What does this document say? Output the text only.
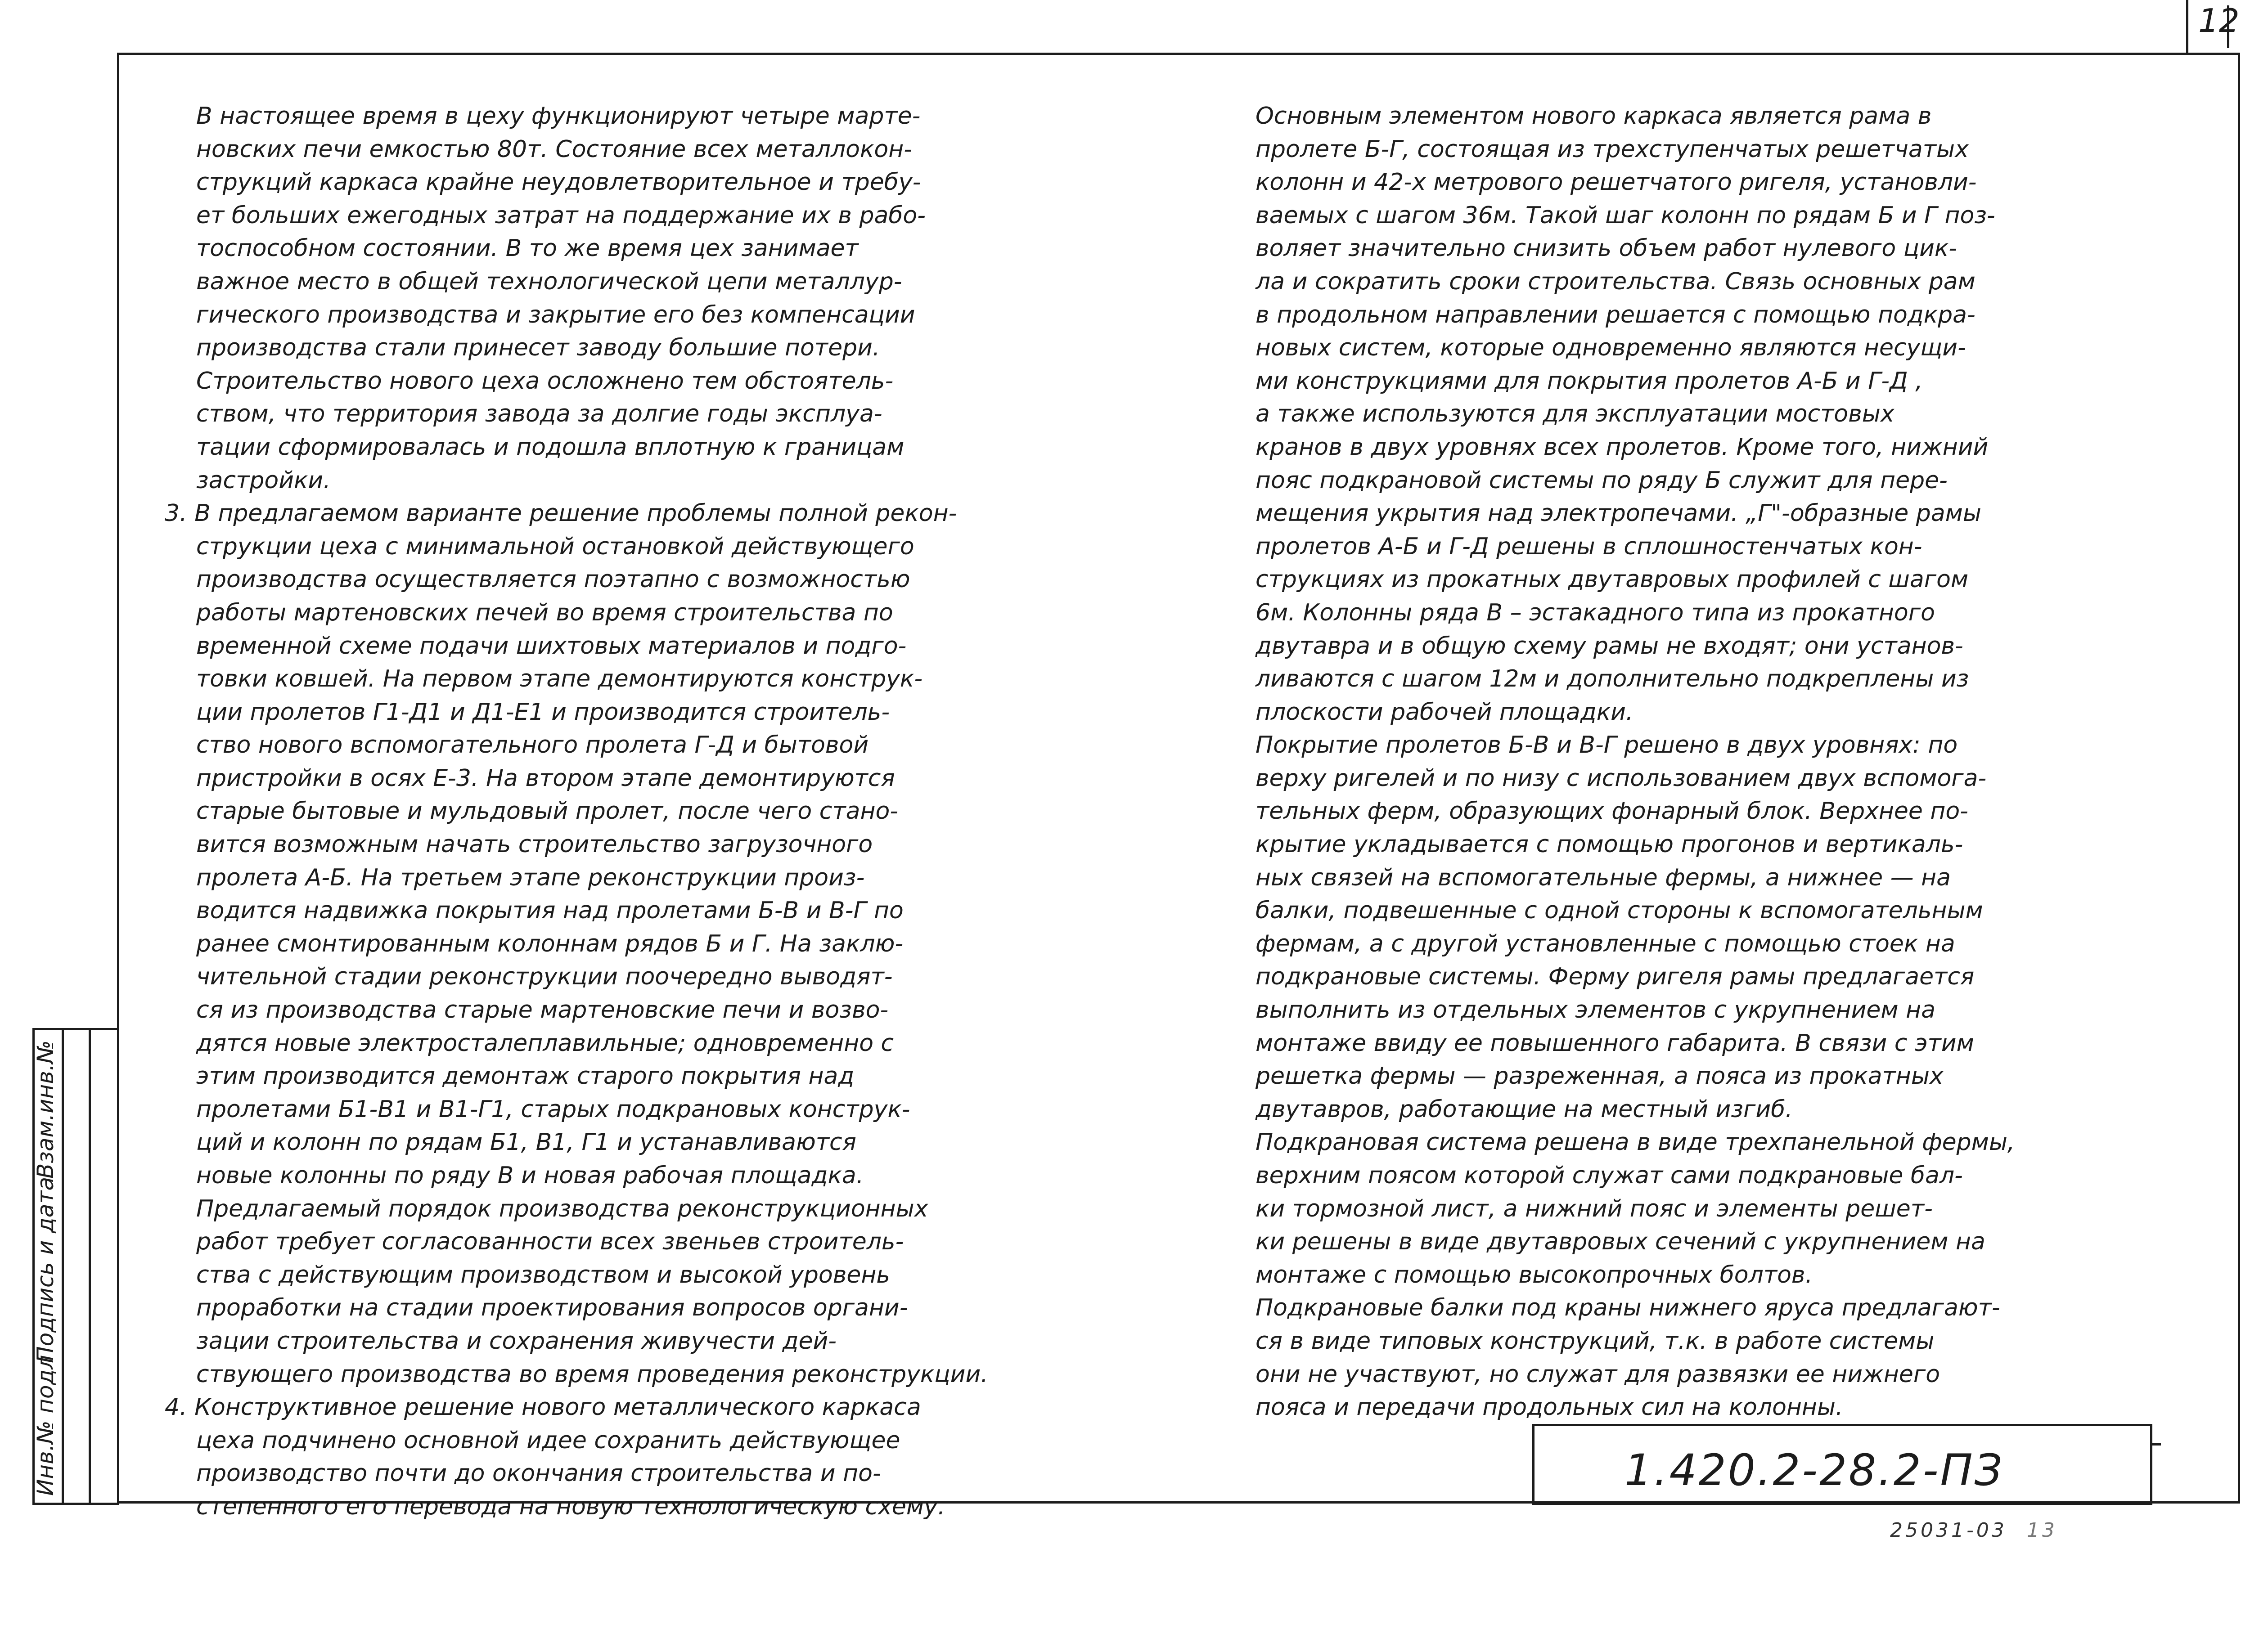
12
Инв.№ подл
Подпись и дата
Взам.инв.№
В настоящее время в цеху функционируют четыре марте-
новских печи емкостью 80т. Состояние всех металлокон-
струкций каркаса крайне неудовлетворительное и требу-
ет больших ежегодных затрат на поддержание их в рабо-
тоспособном состоянии. В то же время цех занимает
важное место в общей технологической цепи металлур-
гического производства и закрытие его без компенсации
производства стали принесет заводу большие потери.
Строительство нового цеха осложнено тем обстоятель-
ством, что территория завода за долгие годы эксплуа-
тации сформировалась и подошла вплотную к границам
застройки.
3. В предлагаемом варианте решение проблемы полной рекон-
струкции цеха с минимальной остановкой действующего
производства осуществляется поэтапно с возможностью
работы мартеновских печей во время строительства по
временной схеме подачи шихтовых материалов и подго-
товки ковшей. На первом этапе демонтируются конструк-
ции пролетов Г1-Д1 и Д1-Е1 и производится строитель-
ство нового вспомогательного пролета Г-Д и бытовой
пристройки в осях Е-3. На втором этапе демонтируются
старые бытовые и мульдовый пролет, после чего стано-
вится возможным начать строительство загрузочного
пролета А-Б. На третьем этапе реконструкции произ-
водится надвижка покрытия над пролетами Б-В и В-Г по
ранее смонтированным колоннам рядов Б и Г. На заклю-
чительной стадии реконструкции поочередно выводят-
ся из производства старые мартеновские печи и возво-
дятся новые электросталеплавильные; одновременно с
этим производится демонтаж старого покрытия над
пролетами Б1-В1 и В1-Г1, старых подкрановых конструк-
ций и колонн по рядам Б1, В1, Г1 и устанавливаются
новые колонны по ряду В и новая рабочая площадка.
Предлагаемый порядок производства реконструкционных
работ требует согласованности всех звеньев строитель-
ства с действующим производством и высокой уровень
проработки на стадии проектирования вопросов органи-
зации строительства и сохранения живучести дей-
ствующего производства во время проведения реконструкции.
4. Конструктивное решение нового металлического каркаса
цеха подчинено основной идее сохранить действующее
производство почти до окончания строительства и по-
степенного его перевода на новую технологическую схему.
Основным элементом нового каркаса является рама в
пролете Б-Г, состоящая из трехступенчатых решетчатых
колонн и 42-х метрового решетчатого ригеля, установли-
ваемых с шагом 36м. Такой шаг колонн по рядам Б и Г поз-
воляет значительно снизить объем работ нулевого цик-
ла и сократить сроки строительства. Связь основных рам
в продольном направлении решается с помощью подкра-
новых систем, которые одновременно являются несущи-
ми конструкциями для покрытия пролетов А-Б и Г-Д ,
а также используются для эксплуатации мостовых
кранов в двух уровнях всех пролетов. Кроме того, нижний
пояс подкрановой системы по ряду Б служит для пере-
мещения укрытия над электропечами. „Г"-образные рамы
пролетов А-Б и Г-Д решены в сплошностенчатых кон-
струкциях из прокатных двутавровых профилей с шагом
6м. Колонны ряда В – эстакадного типа из прокатного
двутавра и в общую схему рамы не входят; они установ-
ливаются с шагом 12м и дополнительно подкреплены из
плоскости рабочей площадки.
Покрытие пролетов Б-В и В-Г решено в двух уровнях: по
верху ригелей и по низу с использованием двух вспомога-
тельных ферм, образующих фонарный блок. Верхнее по-
крытие укладывается с помощью прогонов и вертикаль-
ных связей на вспомогательные фермы, а нижнее — на
балки, подвешенные с одной стороны к вспомогательным
фермам, а с другой установленные с помощью стоек на
подкрановые системы. Ферму ригеля рамы предлагается
выполнить из отдельных элементов с укрупнением на
монтаже ввиду ее повышенного габарита. В связи с этим
решетка фермы — разреженная, а пояса из прокатных
двутавров, работающие на местный изгиб.
Подкрановая система решена в виде трехпанельной фермы,
верхним поясом которой служат сами подкрановые бал-
ки тормозной лист, а нижний пояс и элементы решет-
ки решены в виде двутавровых сечений с укрупнением на
монтаже с помощью высокопрочных болтов.
Подкрановые балки под краны нижнего яруса предлагают-
ся в виде типовых конструкций, т.к. в работе системы
они не участвуют, но служат для развязки ее нижнего
пояса и передачи продольных сил на колонны.
1.420.2-28.2-ПЗ
25031-03 13
